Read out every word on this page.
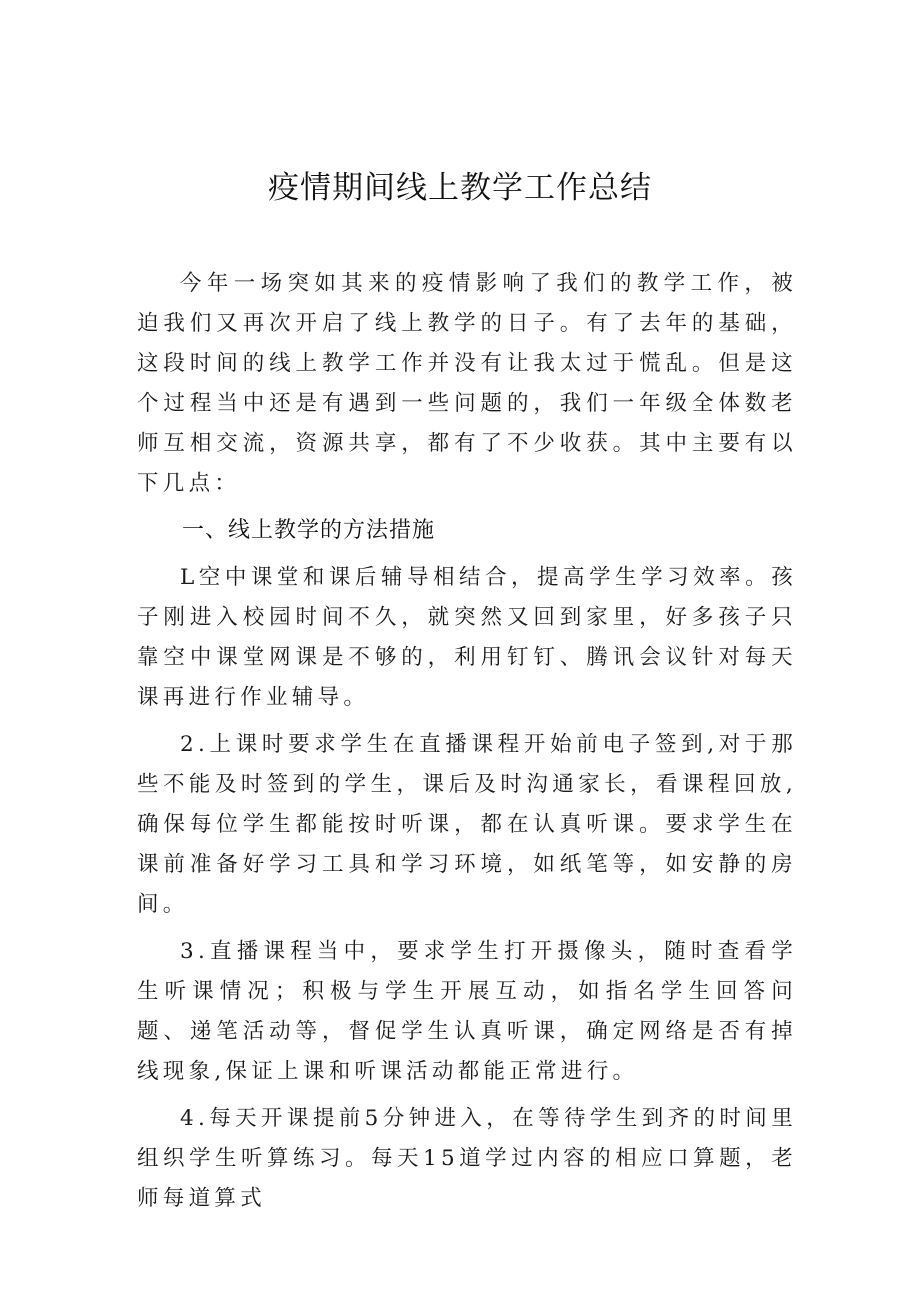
疫情期间线上教学工作总结

今年一场突如其来的疫情影响了我们的教学工作，被迫我们又再次开启了线上教学的日子。有了去年的基础，这段时间的线上教学工作并没有让我太过于慌乱。但是这个过程当中还是有遇到一些问题的，我们一年级全体数老师互相交流，资源共享，都有了不少收获。其中主要有以下几点：

一、线上教学的方法措施

L空中课堂和课后辅导相结合，提高学生学习效率。孩子刚进入校园时间不久，就突然又回到家里，好多孩子只靠空中课堂网课是不够的，利用钉钉、腾讯会议针对每天课再进行作业辅导。

2.上课时要求学生在直播课程开始前电子签到,对于那些不能及时签到的学生，课后及时沟通家长，看课程回放,确保每位学生都能按时听课，都在认真听课。要求学生在课前准备好学习工具和学习环境，如纸笔等，如安静的房间。

3.直播课程当中，要求学生打开摄像头，随时查看学生听课情况；积极与学生开展互动，如指名学生回答问题、递笔活动等，督促学生认真听课，确定网络是否有掉线现象,保证上课和听课活动都能正常进行。

4.每天开课提前5分钟进入，在等待学生到齐的时间里组织学生听算练习。每天15道学过内容的相应口算题，老师每道算式
